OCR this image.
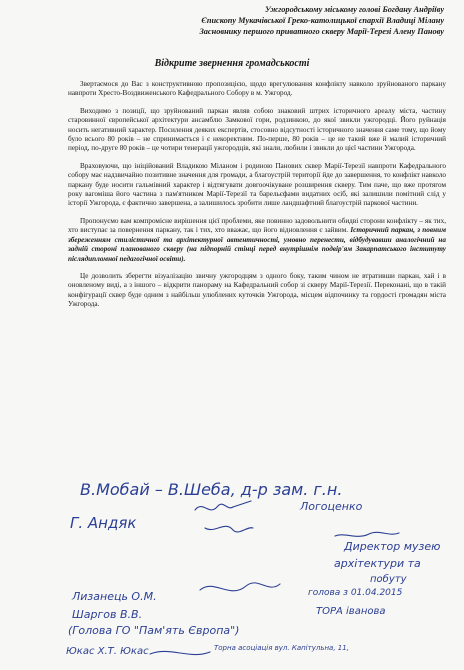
Ужгородському міському голові Богдану Андріїву
Єпископу Мукачівської Греко-католицької єпархії Владиці Мілану
Засновнику першого приватного скверу Марії-Терезі Алену Панову
Відкрите звернення громадськості

Звертаємося до Вас з конструктивною пропозицією, щодо врегулювання конфлікту навколо зруйнованого паркану навпроти Хресто-Воздвиженського Кафедрального Собору в м. Ужгород.

Виходимо з позиції, що зруйнований паркан являв собою знаковий штрих історичного ареалу міста, частину старовинної європейської архітектури ансамблю Замкової гори, родзинкою, до якої звикли ужгородці. Його руйнація носить негативний характер. Посилення деяких експертів, стосовно відсутності історичного значення саме тому, що йому було всього 80 років – не спринимається і є некоректним. По-перше, 80 років – це не такий вже й малий історичний період, по-друге 80 років – це чотири тенерації ужгородців, які знали, любили і звикли до цієї частини Ужгорода.

Враховуючи, що ініційований Владикою Міланом і родиною Панових сквер Марії-Терезії навпроти Кафедрального собору має надзвичайно позитивне значення для громади, а благоустрій території йде до завершення, то конфлікт навколо паркану буде носити гальмівний характер і відтягувати довгоочікуване розширення скверу. Тим паче, що вже протягом року вагомішa його частина з пам'ятником Марії-Терезії та барельєфами видатних осіб, які залишили помітний слід у історії Ужгорода, є фактично завершена, а залишилось зробити лише ландшафтний благоустрій паркової частини.

Пропонуємо вам компромісне вирішення цієї проблеми, яке повинно задовольнити обидві сторони конфлікту – як тих, хто виступає за повернення паркану, так і тих, хто вважає, що його відновлення є зайвим. Історичний паркан, з повним збереженням стилістичної та архітектурної автентичності, умовно перенести, відбудувавши аналогічний на задній стороні планованого скверу (на підпорній стінці перед внутрішнім подвір'ям Закарпатського інституту післядипломної педагогічної освіти).

Це дозволить зберегти візуалізацію звичну ужгородцям з одного боку, таким чином не втративши паркан, хай і в оновленому виді, а з іншого – відкрити панораму на Кафедральний собор зі скверу Марії-Терезії. Переконані, що в такій конфігурації сквер буде одним з найбільш улюблених куточків Ужгорода, місцем відпочинку та гордості громадян міста Ужгорода.

В.Мобай – В.Шеба, д-р зам. г.н.
Логоценко
Г. Андяк
Директор музею
архітектури та
побуту
Лизанець О.М.	голова з 01.04.2015
Шаргов В.В.	ТОРА іванова
(Голова ГО "Пам'ять Європа")
Юкас Х.Т. Юкас	Торна асоціація вул. Капітульна, 11,
